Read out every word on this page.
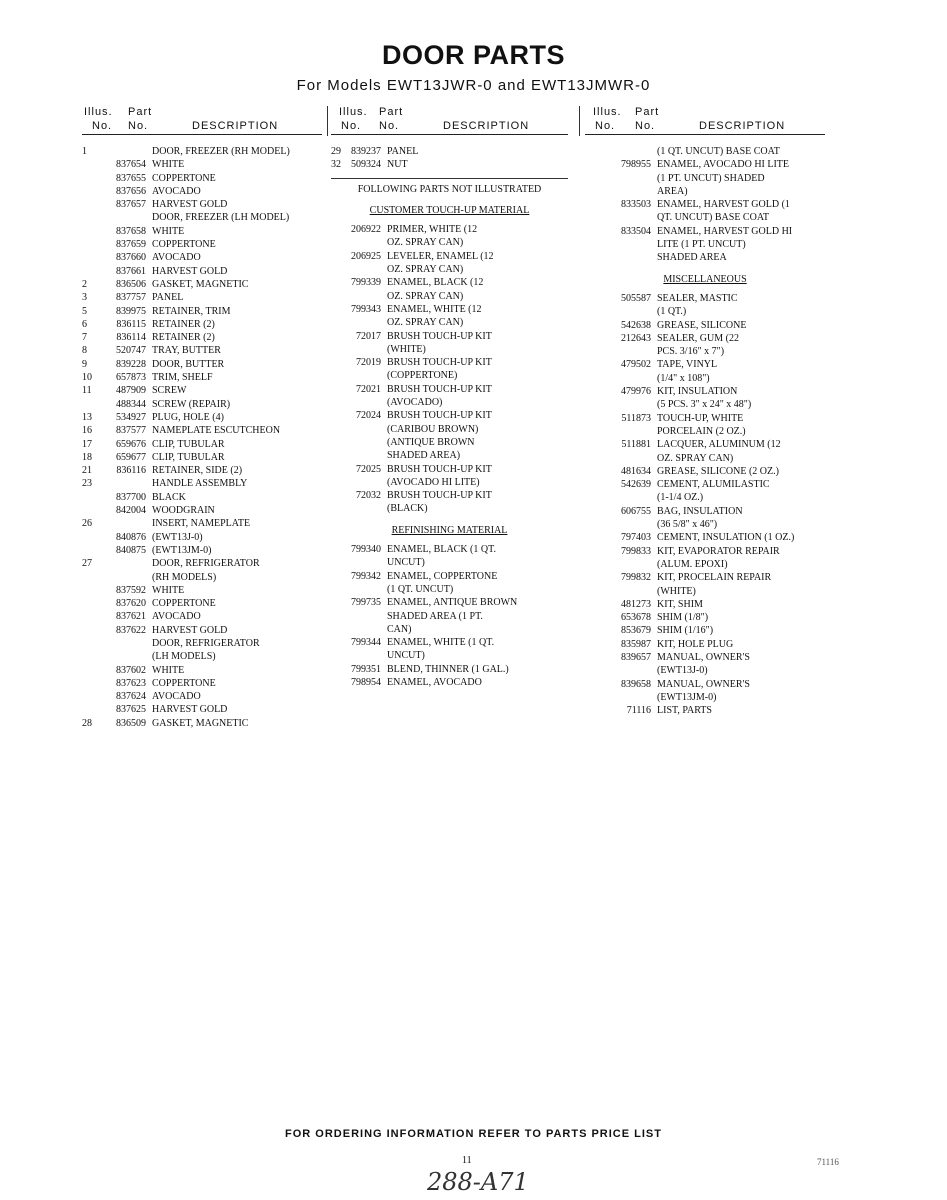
DOOR PARTS
For Models EWT13JWR-0 and EWT13JMWR-0
Illus. Part
No. No.	DESCRIPTION
1	DOOR, FREEZER (RH MODEL)
837654 WHITE
837655 COPPERTONE
837656 AVOCADO
837657 HARVEST GOLD
DOOR, FREEZER (LH MODEL)
837658 WHITE
837659 COPPERTONE
837660 AVOCADO
837661 HARVEST GOLD
2	836506 GASKET, MAGNETIC
3	837757 PANEL
5	839975 RETAINER, TRIM
6	836115 RETAINER (2)
7	836114 RETAINER (2)
8	520747 TRAY, BUTTER
9	839228 DOOR, BUTTER
10	657873 TRIM, SHELF
11	487909 SCREW
488344 SCREW (REPAIR)
13	534927 PLUG, HOLE (4)
16	837577 NAMEPLATE ESCUTCHEON
17	659676 CLIP, TUBULAR
18	659677 CLIP, TUBULAR
21	836116 RETAINER, SIDE (2)
23	HANDLE ASSEMBLY
837700 BLACK
842004 WOODGRAIN
26	INSERT, NAMEPLATE
840876 (EWT13J-0)
840875 (EWT13JM-0)
27	DOOR, REFRIGERATOR
(RH MODELS)
837592 WHITE
837620 COPPERTONE
837621 AVOCADO
837622 HARVEST GOLD
DOOR, REFRIGERATOR
(LH MODELS)
837602 WHITE
837623 COPPERTONE
837624 AVOCADO
837625 HARVEST GOLD
28	836509 GASKET, MAGNETIC
Illus. Part
No. No.	DESCRIPTION
29	839237 PANEL
32	509324 NUT
FOLLOWING PARTS NOT ILLUSTRATED
CUSTOMER TOUCH-UP MATERIAL
206922 PRIMER, WHITE (12
OZ. SPRAY CAN)
206925 LEVELER, ENAMEL (12
OZ. SPRAY CAN)
799339 ENAMEL, BLACK (12
OZ. SPRAY CAN)
799343 ENAMEL, WHITE (12
OZ. SPRAY CAN)
72017 BRUSH TOUCH-UP KIT
(WHITE)
72019 BRUSH TOUCH-UP KIT
(COPPERTONE)
72021 BRUSH TOUCH-UP KIT
(AVOCADO)
72024 BRUSH TOUCH-UP KIT
(CARIBOU BROWN)
(ANTIQUE BROWN
SHADED AREA)
72025 BRUSH TOUCH-UP KIT
(AVOCADO HI LITE)
72032 BRUSH TOUCH-UP KIT
(BLACK)
REFINISHING MATERIAL
799340 ENAMEL, BLACK (1 QT.
UNCUT)
799342 ENAMEL, COPPERTONE
(1 QT. UNCUT)
799735 ENAMEL, ANTIQUE BROWN
SHADED AREA (1 PT.
CAN)
799344 ENAMEL, WHITE (1 QT.
UNCUT)
799351 BLEND, THINNER (1 GAL.)
798954 ENAMEL, AVOCADO
Illus. Part
No. No.	DESCRIPTION
(1 QT. UNCUT) BASE COAT
798955 ENAMEL, AVOCADO HI LITE
(1 PT. UNCUT) SHADED
AREA)
833503 ENAMEL, HARVEST GOLD (1
QT. UNCUT) BASE COAT
833504 ENAMEL, HARVEST GOLD HI
LITE (1 PT. UNCUT)
SHADED AREA
MISCELLANEOUS
505587 SEALER, MASTIC
(1 QT.)
542638 GREASE, SILICONE
212643 SEALER, GUM (22
PCS. 3/16" x 7")
479502 TAPE, VINYL
(1/4" x 108")
479976 KIT, INSULATION
(5 PCS. 3" x 24" x 48")
511873 TOUCH-UP, WHITE
PORCELAIN (2 OZ.)
511881 LACQUER, ALUMINUM (12
OZ. SPRAY CAN)
481634 GREASE, SILICONE (2 OZ.)
542639 CEMENT, ALUMILASTIC
(1-1/4 OZ.)
606755 BAG, INSULATION
(36 5/8" x 46")
797403 CEMENT, INSULATION (1 OZ.)
799833 KIT, EVAPORATOR REPAIR
(ALUM. EPOXI)
799832 KIT, PROCELAIN REPAIR
(WHITE)
481273 KIT, SHIM
653678 SHIM (1/8")
853679 SHIM (1/16")
835987 KIT, HOLE PLUG
839657 MANUAL, OWNER'S
(EWT13J-0)
839658 MANUAL, OWNER'S
(EWT13JM-0)
71116 LIST, PARTS
FOR ORDERING INFORMATION REFER TO PARTS PRICE LIST
11	71116
288-A71
